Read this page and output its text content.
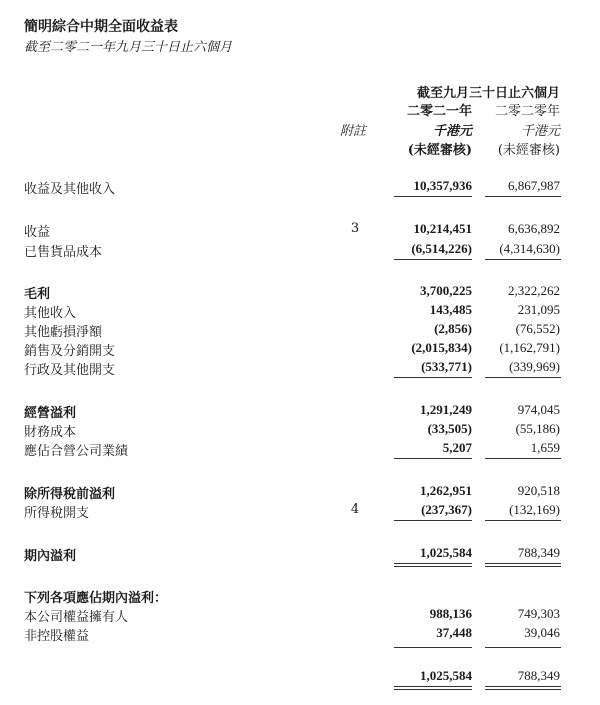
簡明綜合中期全面收益表
截至二零二一年九月三十日止六個月
截至九月三十日止六個月
二零二一年 二零二零年
附註	千港元	千港元
(未經審核) (未經審核)
收益及其他收入	10,357,936	6,867,987
收益	3	10,214,451	6,636,892
已售貨品成本	(6,514,226) (4,314,630)
毛利	3,700,225	2,322,262
其他收入	143,485	231,095
其他虧損淨額	(2,856)	(76,552)
銷售及分銷開支	(2,015,834) (1,162,791)
行政及其他開支	(533,771)	(339,969)
經營溢利	1,291,249	974,045
財務成本	(33,505)	(55,186)
應佔合營公司業績	5,207	1,659
除所得稅前溢利	1,262,951	920,518
所得稅開支	4	(237,367)	(132,169)
期內溢利	1,025,584	788,349
下列各項應佔期內溢利：
本公司權益擁有人	988,136	749,303
非控股權益	37,448	39,046
1,025,584	788,349
